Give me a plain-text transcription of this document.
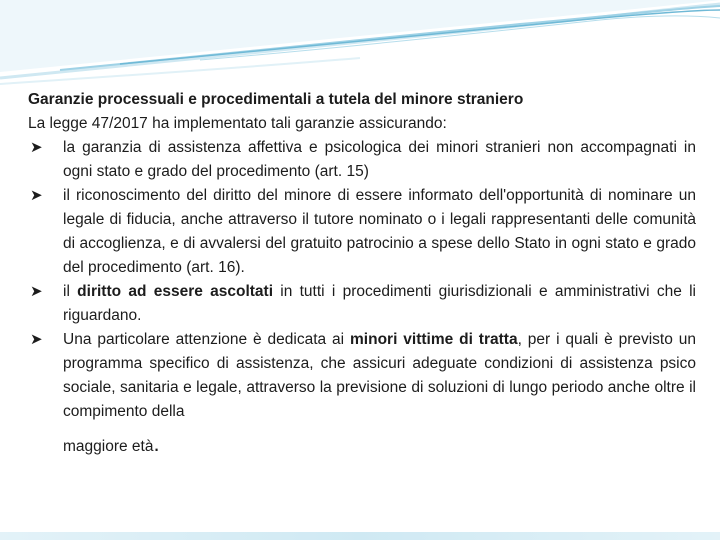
Garanzie processuali e procedimentali a tutela del minore straniero

La legge 47/2017 ha implementato tali garanzie assicurando:

➤	la garanzia di assistenza affettiva e psicologica dei minori stranieri non accompagnati in ogni stato e grado del procedimento (art. 15)
➤	il riconoscimento del diritto del minore di essere informato dell'opportunità di nominare un legale di fiducia, anche attraverso il tutore nominato o i legali rappresentanti delle comunità di accoglienza, e di avvalersi del gratuito patrocinio a spese dello Stato in ogni stato e grado del procedimento (art. 16).
➤	il diritto ad essere ascoltati in tutti i procedimenti giurisdizionali e amministrativi che li riguardano.
➤	Una particolare attenzione è dedicata ai minori vittime di tratta, per i quali è previsto un programma specifico di assistenza, che assicuri adeguate condizioni di assistenza psico sociale, sanitaria e legale, attraverso la previsione di soluzioni di lungo periodo anche oltre il compimento della
maggiore età.
